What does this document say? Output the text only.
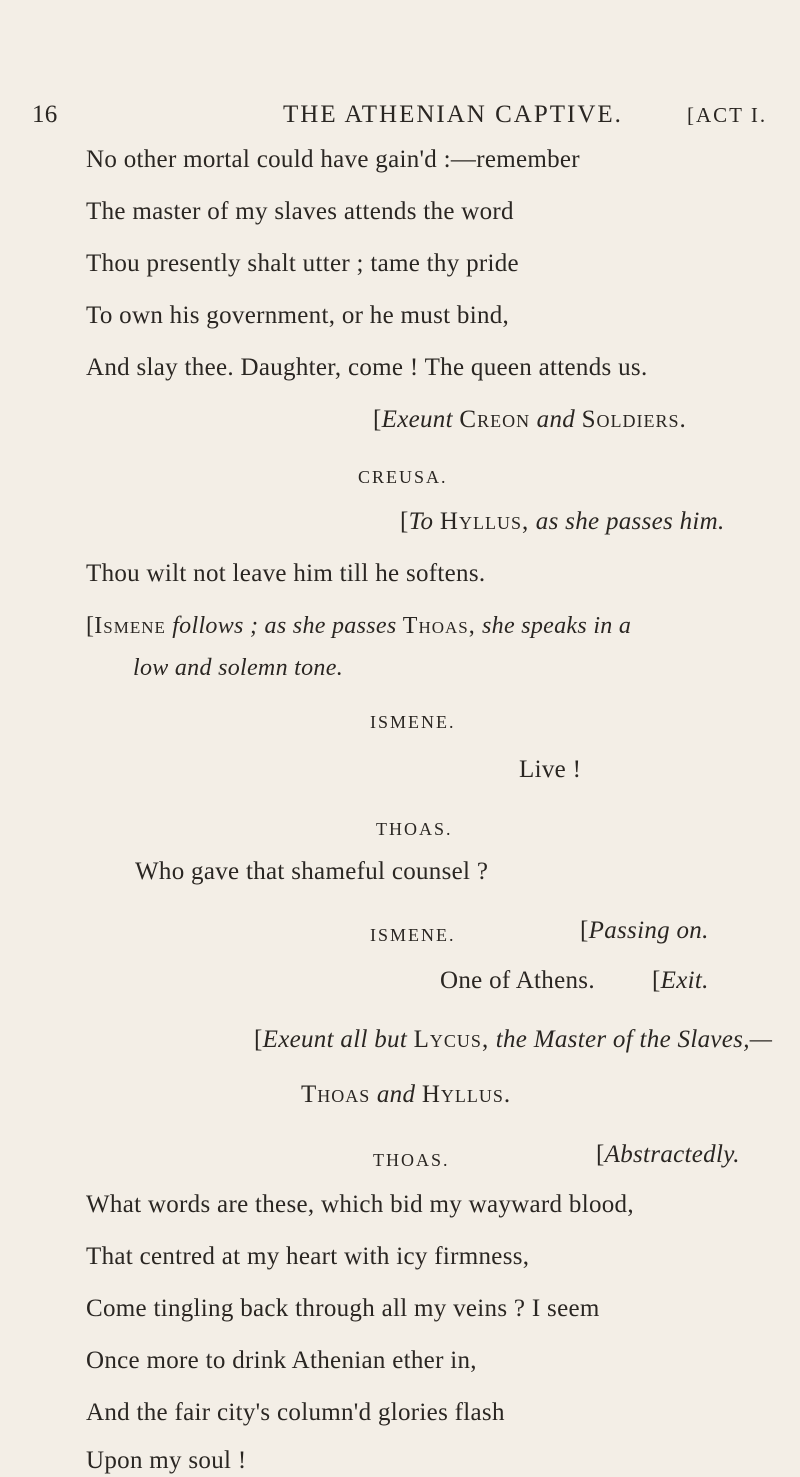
16	THE ATHENIAN CAPTIVE.	[ACT I.
No other mortal could have gain'd :—remember
The master of my slaves attends the word
Thou presently shalt utter ; tame thy pride
To own his government, or he must bind,
And slay thee. Daughter, come ! The queen attends us.
[Exeunt Creon and Soldiers.
CREUSA.
[To Hyllus, as she passes him.
Thou wilt not leave him till he softens.
[Ismene follows ; as she passes Thoas, she speaks in a
low and solemn tone.
ISMENE.
Live !
THOAS.
Who gave that shameful counsel ?
ISMENE.	[Passing on.
One of Athens. [Exit.
[Exeunt all but Lycus, the Master of the Slaves,—
Thoas and Hyllus.
THOAS.	[Abstractedly.
What words are these, which bid my wayward blood,
That centred at my heart with icy firmness,
Come tingling back through all my veins ? I seem
Once more to drink Athenian ether in,
And the fair city's column'd glories flash
Upon my soul !
